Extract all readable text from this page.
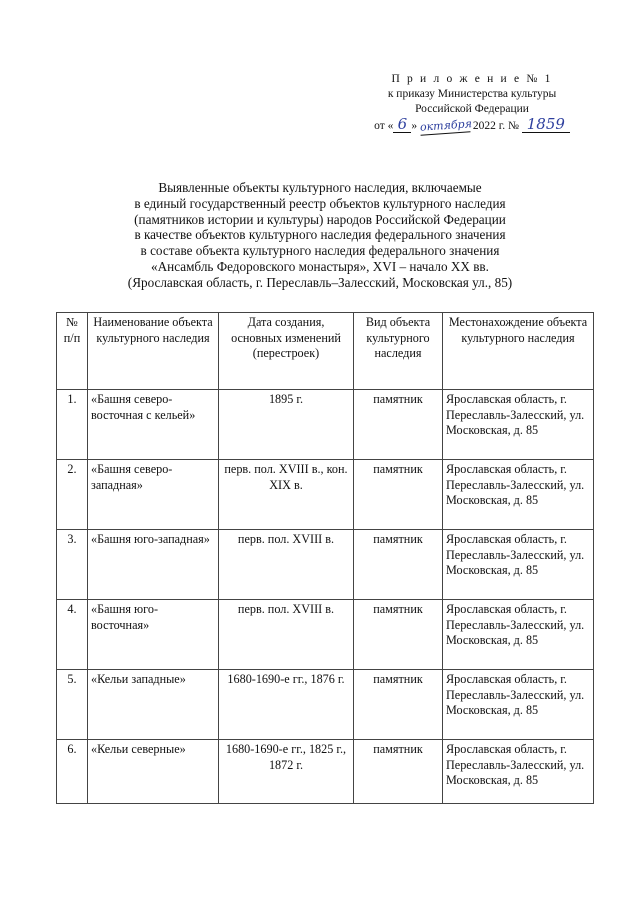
П р и л о ж е н и е № 1
к приказу Министерства культуры
Российской Федерации
от « 6 » октября 2022 г. № 1859
Выявленные объекты культурного наследия, включаемые
в единый государственный реестр объектов культурного наследия
(памятников истории и культуры) народов Российской Федерации
в качестве объектов культурного наследия федерального значения
в составе объекта культурного наследия федерального значения
«Ансамбль Федоровского монастыря», XVI – начало XX вв.
(Ярославская область, г. Переславль–Залесский, Московская ул., 85)
№ п/п	Наименование объекта культурного наследия	Дата создания, основных изменений (перестроек)	Вид объекта культурного наследия	Местонахождение объекта культурного наследия
1.	«Башня северо-восточная с кельей»	1895 г.	памятник	Ярославская область, г. Переславль-Залесский, ул. Московская, д. 85
2.	«Башня северо-западная»	перв. пол. XVIII в., кон. XIX в.	памятник	Ярославская область, г. Переславль-Залесский, ул. Московская, д. 85
3.	«Башня юго-западная»	перв. пол. XVIII в.	памятник	Ярославская область, г. Переславль-Залесский, ул. Московская, д. 85
4.	«Башня юго-восточная»	перв. пол. XVIII в.	памятник	Ярославская область, г. Переславль-Залесский, ул. Московская, д. 85
5.	«Кельи западные»	1680-1690-е гг., 1876 г.	памятник	Ярославская область, г. Переславль-Залесский, ул. Московская, д. 85
6.	«Кельи северные»	1680-1690-е гг., 1825 г., 1872 г.	памятник	Ярославская область, г. Переславль-Залесский, ул. Московская, д. 85
